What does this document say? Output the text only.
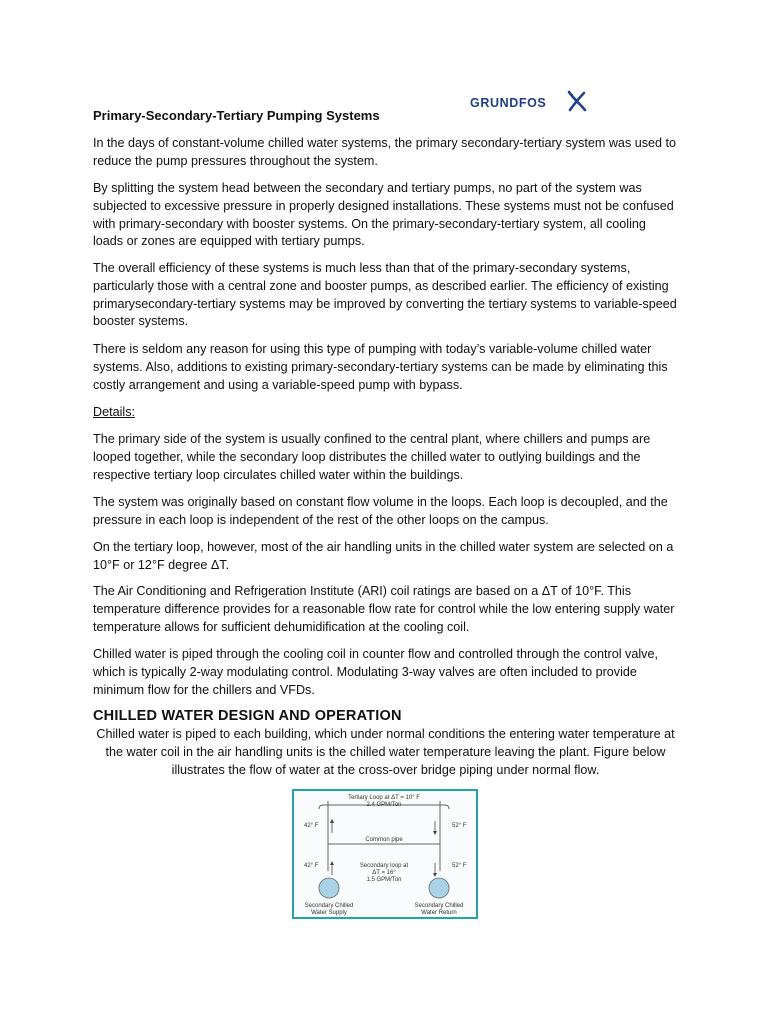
Primary-Secondary-Tertiary Pumping Systems
GRUNDFOS

In the days of constant-volume chilled water systems, the primary secondary-tertiary system was used to reduce the pump pressures throughout the system.

By splitting the system head between the secondary and tertiary pumps, no part of the system was subjected to excessive pressure in properly designed installations. These systems must not be confused with primary-secondary with booster systems. On the primary-secondary-tertiary system, all cooling loads or zones are equipped with tertiary pumps.

The overall efficiency of these systems is much less than that of the primary-secondary systems, particularly those with a central zone and booster pumps, as described earlier. The efficiency of existing primarysecondary-tertiary systems may be improved by converting the tertiary systems to variable-speed booster systems.

There is seldom any reason for using this type of pumping with today’s variable-volume chilled water systems. Also, additions to existing primary-secondary-tertiary systems can be made by eliminating this costly arrangement and using a variable-speed pump with bypass.

Details:

The primary side of the system is usually confined to the central plant, where chillers and pumps are looped together, while the secondary loop distributes the chilled water to outlying buildings and the respective tertiary loop circulates chilled water within the buildings.

The system was originally based on constant flow volume in the loops. Each loop is decoupled, and the pressure in each loop is independent of the rest of the other loops on the campus.

On the tertiary loop, however, most of the air handling units in the chilled water system are selected on a 10°F or 12°F degree ΔT.

The Air Conditioning and Refrigeration Institute (ARI) coil ratings are based on a ΔT of 10°F. This temperature difference provides for a reasonable flow rate for control while the low entering supply water temperature allows for sufficient dehumidification at the cooling coil.

Chilled water is piped through the cooling coil in counter flow and controlled through the control valve, which is typically 2-way modulating control. Modulating 3-way valves are often included to provide minimum flow for the chillers and VFDs.

CHILLED WATER DESIGN AND OPERATION

Chilled water is piped to each building, which under normal conditions the entering water temperature at the water coil in the air handling units is the chilled water temperature leaving the plant. Figure below illustrates the flow of water at the cross-over bridge piping under normal flow.

Tertiary Loop at ΔT = 10° F
2.4 GPM/Ton
42° F	52° F
Common pipe
42° F	52° F
Secondary loop at
ΔT = 16°
1.5 GPM/Ton
Secondary Chilled
Water Supply
Secondary Chilled
Water Return
